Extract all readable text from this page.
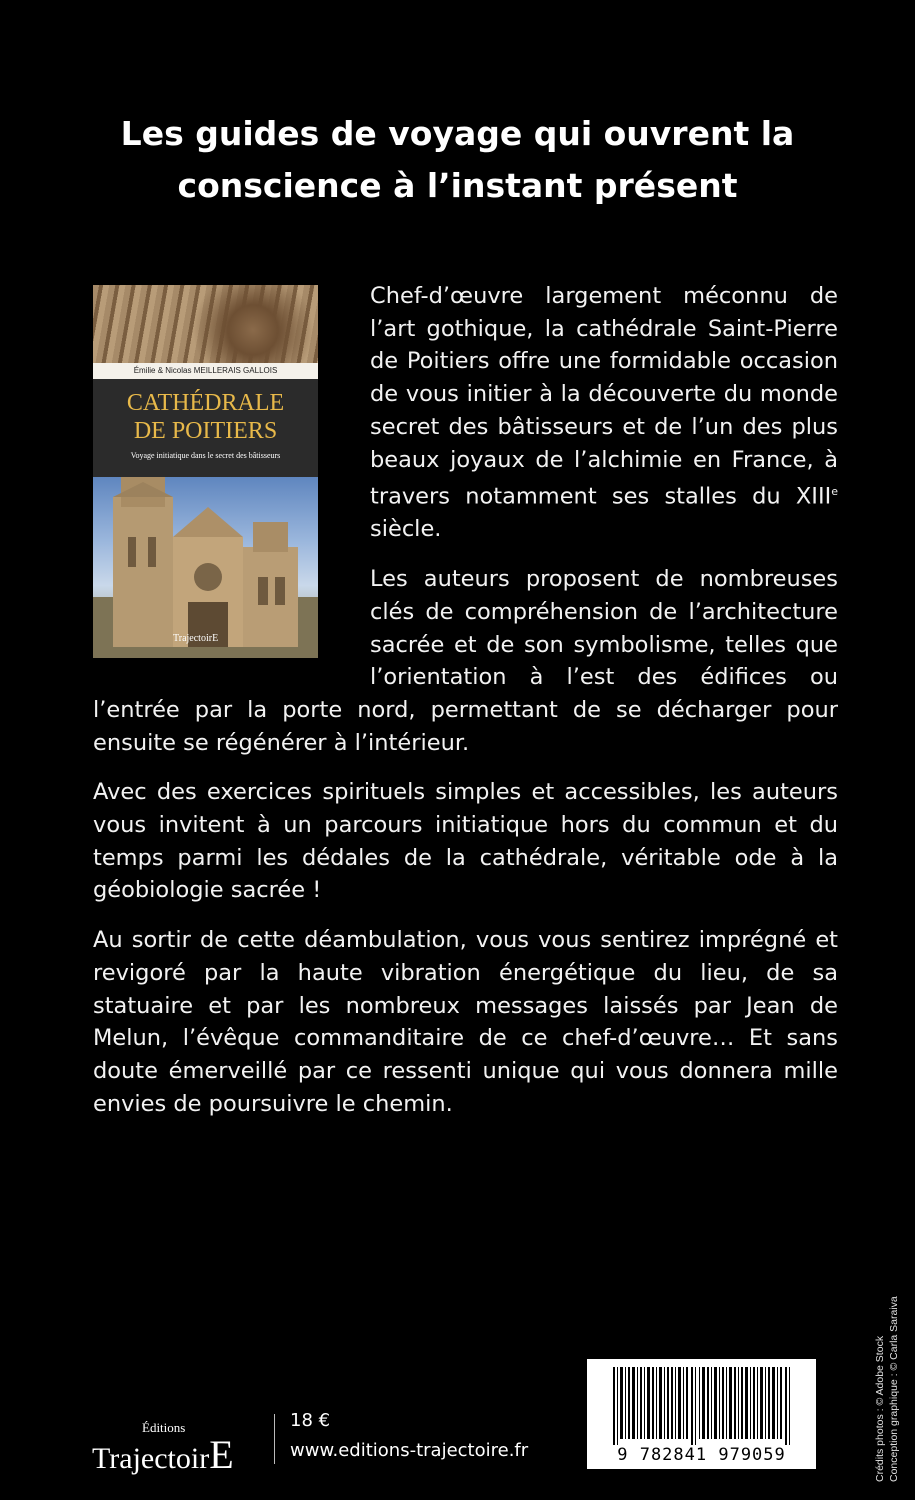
Les guides de voyage qui ouvrent la
conscience à l’instant présent
Émilie & Nicolas MEILLERAIS GALLOIS
CATHÉDRALE
DE POITIERS
Voyage initiatique dans le secret des bâtisseurs
TrajectoirE

Chef-d’œuvre largement méconnu de l’art gothique, la cathédrale Saint-Pierre de Poitiers offre une formidable occasion de vous initier à la découverte du monde secret des bâtisseurs et de l’un des plus beaux joyaux de l’alchimie en France, à travers notamment ses stalles du XIIIe siècle.

Les auteurs proposent de nombreuses clés de compréhension de l’architecture sacrée et de son symbolisme, telles que l’orientation à l’est des édifices ou l’entrée par la porte nord, permettant de se décharger pour ensuite se régénérer à l’intérieur.

Avec des exercices spirituels simples et accessibles, les auteurs vous invitent à un parcours initiatique hors du commun et du temps parmi les dédales de la cathédrale, véritable ode à la géobiologie sacrée !

Au sortir de cette déambulation, vous vous sentirez imprégné et revigoré par la haute vibration énergétique du lieu, de sa statuaire et par les nombreux messages laissés par Jean de Melun, l’évêque commanditaire de ce chef-d’œuvre… Et sans doute émerveillé par ce ressenti unique qui vous donnera mille envies de poursuivre le chemin.

Crédits photos : © Adobe Stock Conception graphique : © Carla Saraiva
9 782841 979059
Éditions
TrajectoirE
18 €
www.editions-trajectoire.fr
